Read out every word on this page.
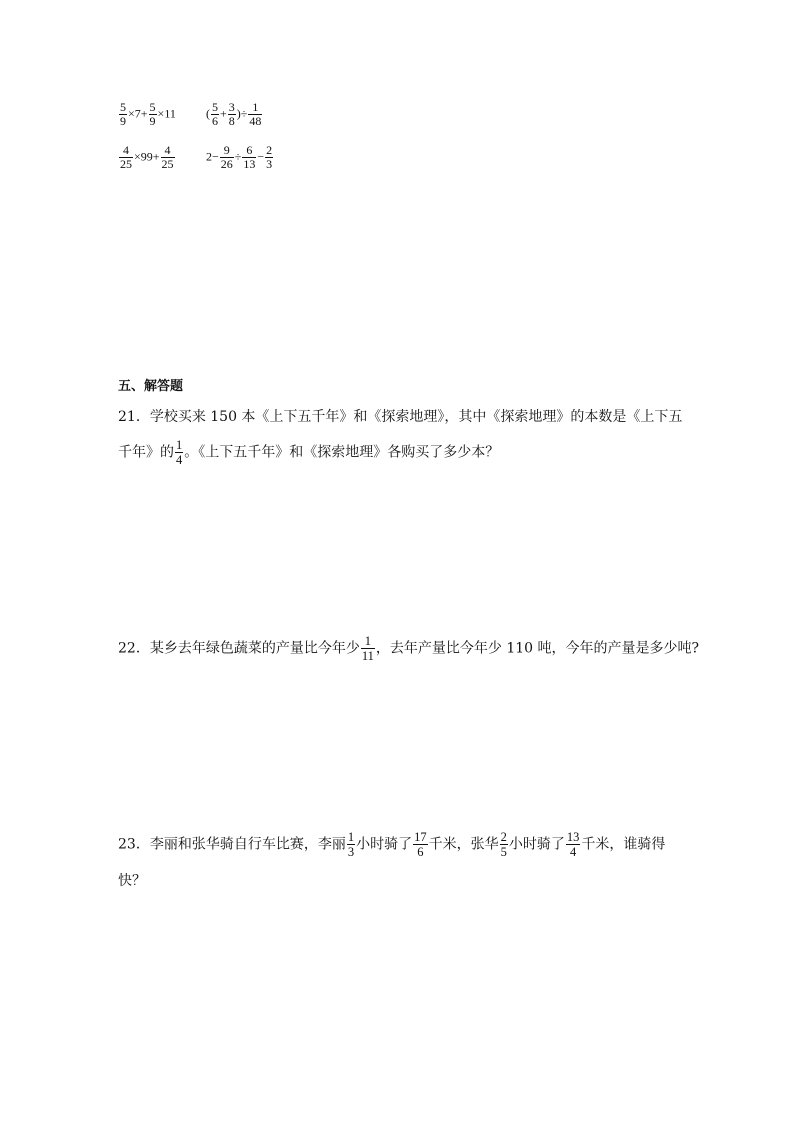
$\frac{5}{9} \times 7+ \frac{5}{9} \times 11$	( $\frac{5}{6} + \frac{3}{8}$ )÷ $\frac{1}{48}$
$\frac{4}{25} \times 99+ \frac{4}{25}$	$2- \frac{9}{26} \div \frac{6}{13} - \frac{2}{3}$
五、解答题
21．学校买来 150 本《上下五千年》和《探索地理》，其中《探索地理》的本数是《上下五
千年》的 $\frac{1}{4}$ 。《上下五千年》和《探索地理》各购买了多少本？
22．某乡去年绿色蔬菜的产量比今年少 $\frac{1}{11}$ ，去年产量比今年少 110 吨，今年的产量是多少吨?
23．李丽和张华骑自行车比赛，李丽 $\frac{1}{3}$ 小时骑了 $\frac{17}{6}$ 千米，张华 $\frac{2}{5}$ 小时骑了 $\frac{13}{4}$ 千米，谁骑得
快？
